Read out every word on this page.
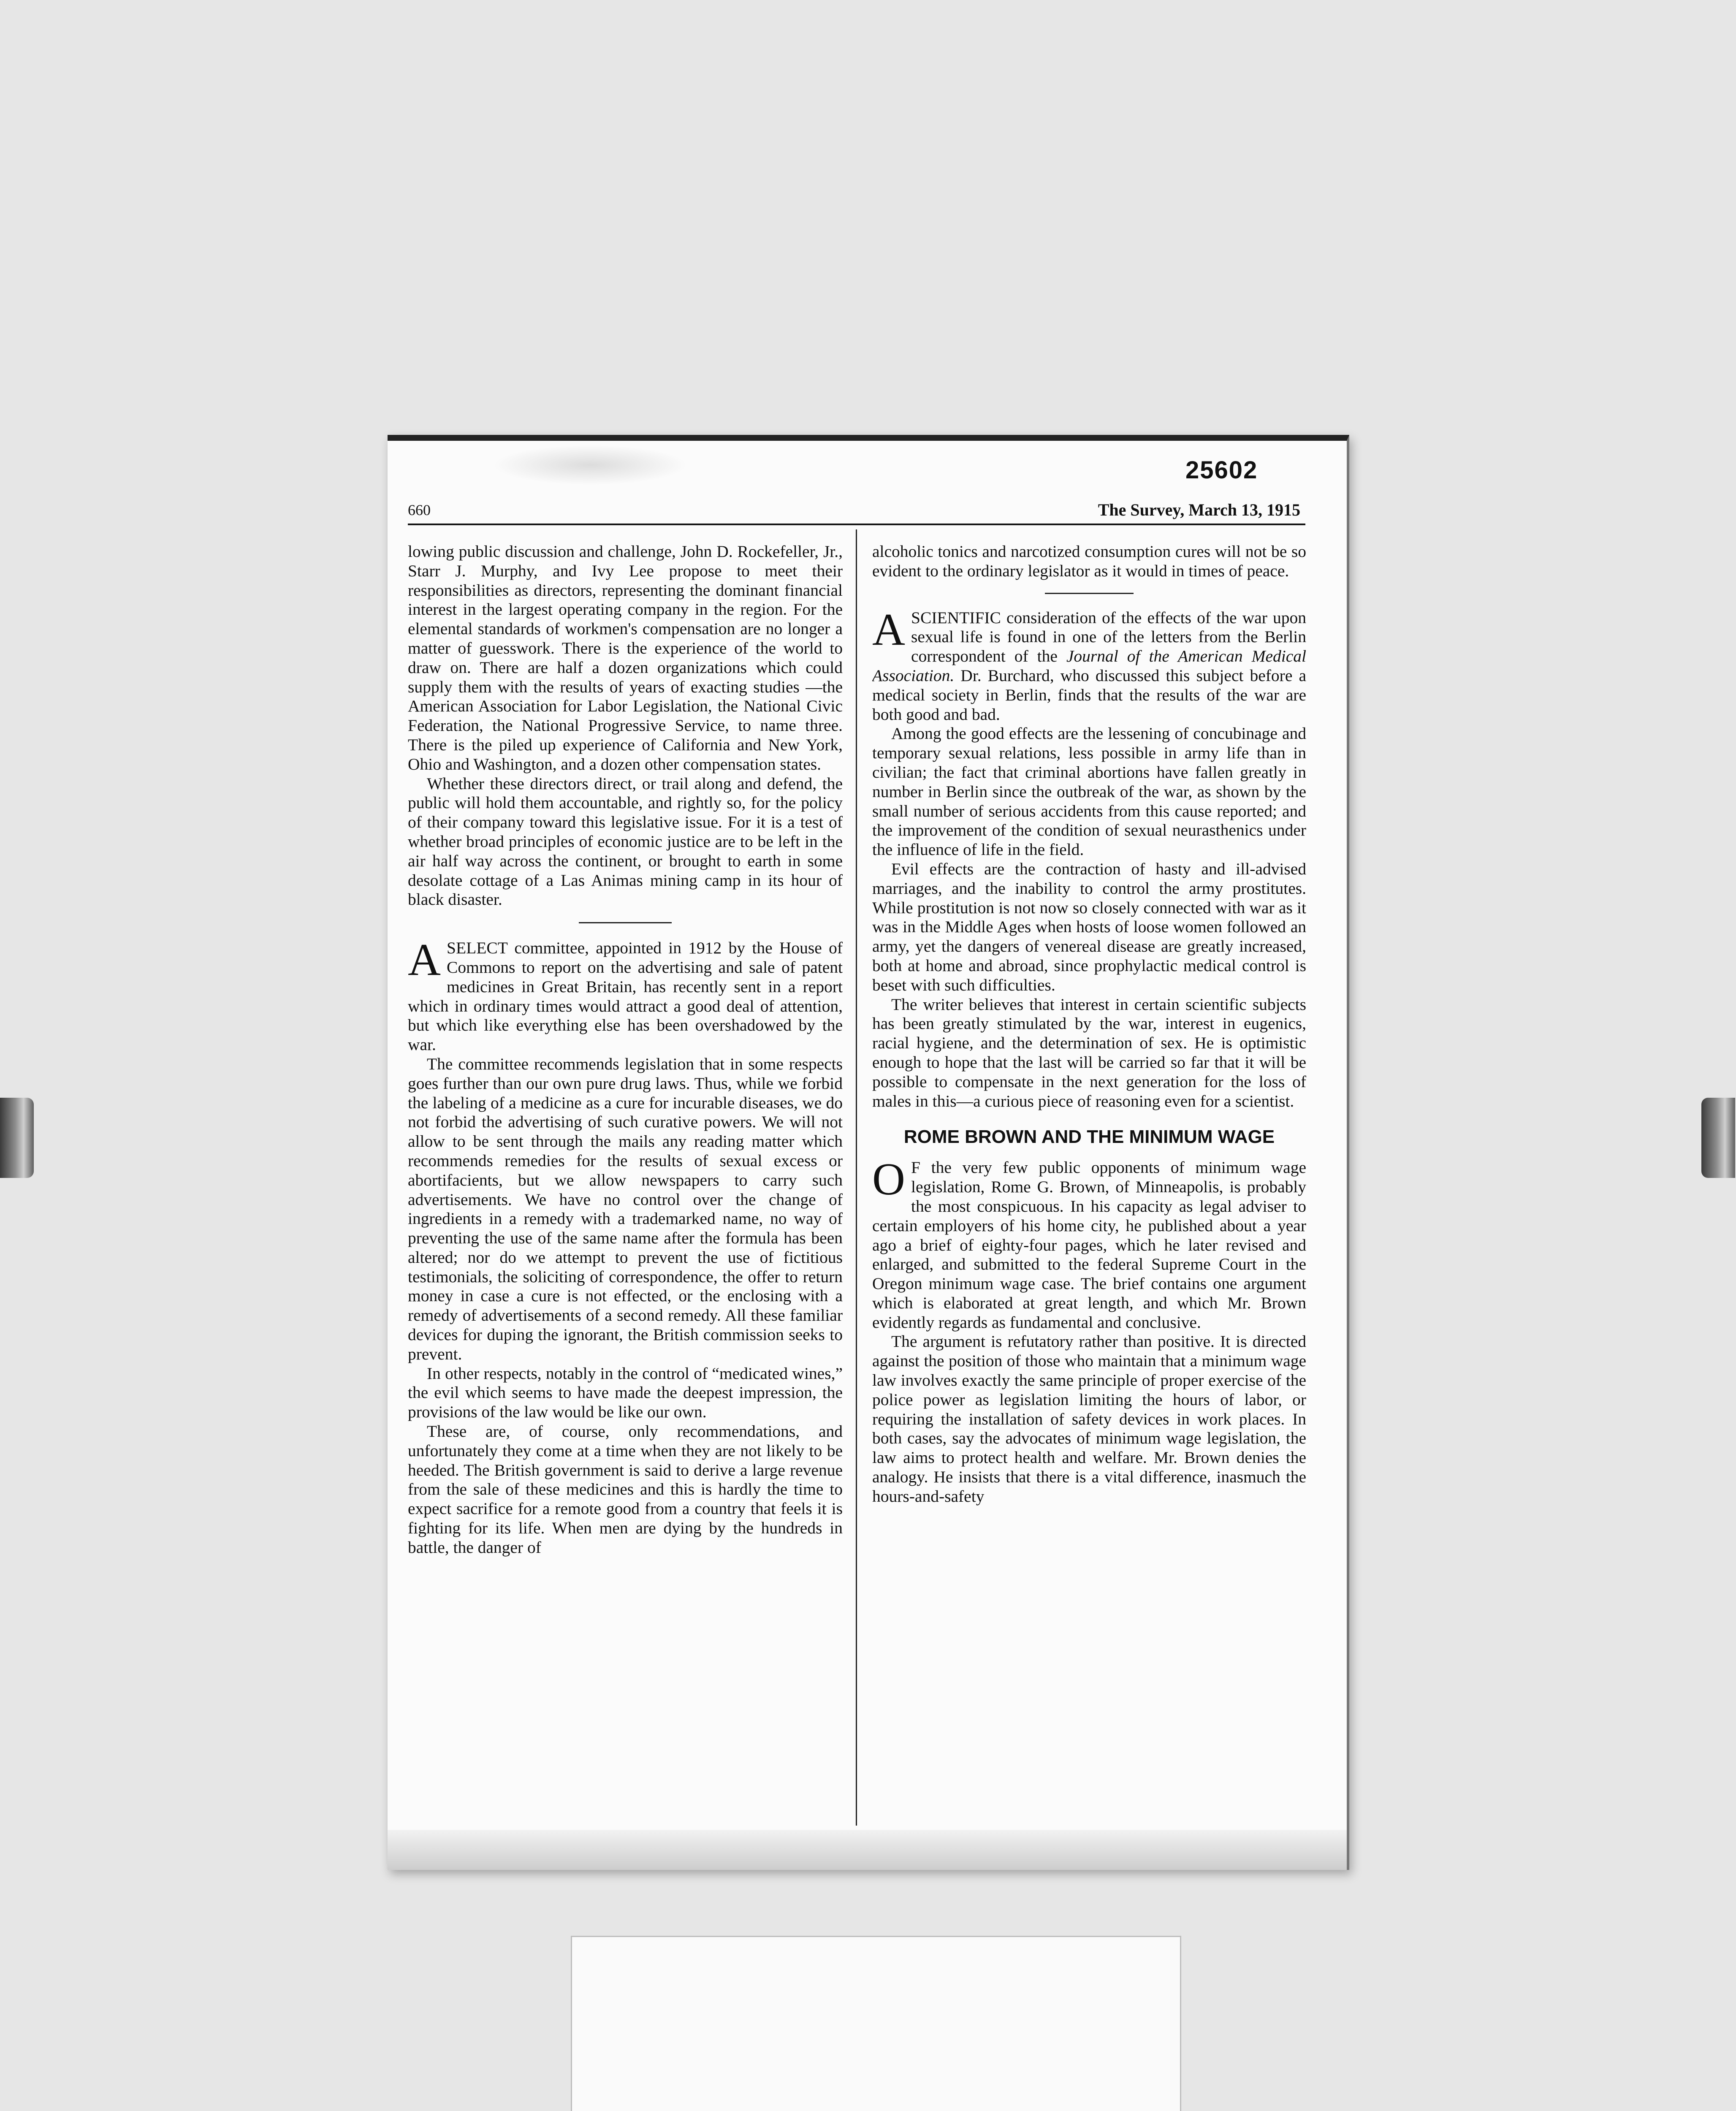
25602
660	The Survey, March 13, 1915

lowing public discussion and challenge, John D. Rockefeller, Jr., Starr J. Murphy, and Ivy Lee propose to meet their responsibilities as directors, representing the dominant financial interest in the largest operating company in the region. For the elemental standards of workmen's compensation are no longer a matter of guesswork. There is the experience of the world to draw on. There are half a dozen organizations which could supply them with the results of years of exacting studies —the American Association for Labor Legislation, the National Civic Federation, the National Progressive Service, to name three. There is the piled up experience of California and New York, Ohio and Washington, and a dozen other compensation states.

Whether these directors direct, or trail along and defend, the public will hold them accountable, and rightly so, for the policy of their company toward this legislative issue. For it is a test of whether broad principles of economic justice are to be left in the air half way across the continent, or brought to earth in some desolate cottage of a Las Animas mining camp in its hour of black disaster.

ASELECT committee, appointed in 1912 by the House of Commons to report on the advertising and sale of patent medicines in Great Britain, has recently sent in a report which in ordinary times would attract a good deal of attention, but which like everything else has been overshadowed by the war.

The committee recommends legislation that in some respects goes further than our own pure drug laws. Thus, while we forbid the labeling of a medicine as a cure for incurable diseases, we do not forbid the advertising of such curative powers. We will not allow to be sent through the mails any reading matter which recommends remedies for the results of sexual excess or abortifacients, but we allow newspapers to carry such advertisements. We have no control over the change of ingredients in a remedy with a trademarked name, no way of preventing the use of the same name after the formula has been altered; nor do we attempt to prevent the use of fictitious testimonials, the soliciting of correspondence, the offer to return money in case a cure is not effected, or the enclosing with a remedy of advertisements of a second remedy. All these familiar devices for duping the ignorant, the British commission seeks to prevent.

In other respects, notably in the control of “medicated wines,” the evil which seems to have made the deepest impression, the provisions of the law would be like our own.

These are, of course, only recommendations, and unfortunately they come at a time when they are not likely to be heeded. The British government is said to derive a large revenue from the sale of these medicines and this is hardly the time to expect sacrifice for a remote good from a country that feels it is fighting for its life. When men are dying by the hundreds in battle, the danger of

alcoholic tonics and narcotized consumption cures will not be so evident to the ordinary legislator as it would in times of peace.

ASCIENTIFIC consideration of the effects of the war upon sexual life is found in one of the letters from the Berlin correspondent of the Journal of the American Medical Association. Dr. Burchard, who discussed this subject before a medical society in Berlin, finds that the results of the war are both good and bad.

Among the good effects are the lessening of concubinage and temporary sexual relations, less possible in army life than in civilian; the fact that criminal abortions have fallen greatly in number in Berlin since the outbreak of the war, as shown by the small number of serious accidents from this cause reported; and the improvement of the condition of sexual neurasthenics under the influence of life in the field.

Evil effects are the contraction of hasty and ill-advised marriages, and the inability to control the army prostitutes. While prostitution is not now so closely connected with war as it was in the Middle Ages when hosts of loose women followed an army, yet the dangers of venereal disease are greatly increased, both at home and abroad, since prophylactic medical control is beset with such difficulties.

The writer believes that interest in certain scientific subjects has been greatly stimulated by the war, interest in eugenics, racial hygiene, and the determination of sex. He is optimistic enough to hope that the last will be carried so far that it will be possible to compensate in the next generation for the loss of males in this—a curious piece of reasoning even for a scientist.

ROME BROWN AND THE MINIMUM WAGE

O F the very few public opponents of minimum wage legislation, Rome G. Brown, of Minneapolis, is probably the most conspicuous. In his capacity as legal adviser to certain employers of his home city, he published about a year ago a brief of eighty-four pages, which he later revised and enlarged, and submitted to the federal Supreme Court in the Oregon minimum wage case. The brief contains one argument which is elaborated at great length, and which Mr. Brown evidently regards as fundamental and conclusive.

The argument is refutatory rather than positive. It is directed against the position of those who maintain that a minimum wage law involves exactly the same principle of proper exercise of the police power as legislation limiting the hours of labor, or requiring the installation of safety devices in work places. In both cases, say the advocates of minimum wage legislation, the law aims to protect health and welfare. Mr. Brown denies the analogy. He insists that there is a vital difference, inasmuch the hours-and-safety
